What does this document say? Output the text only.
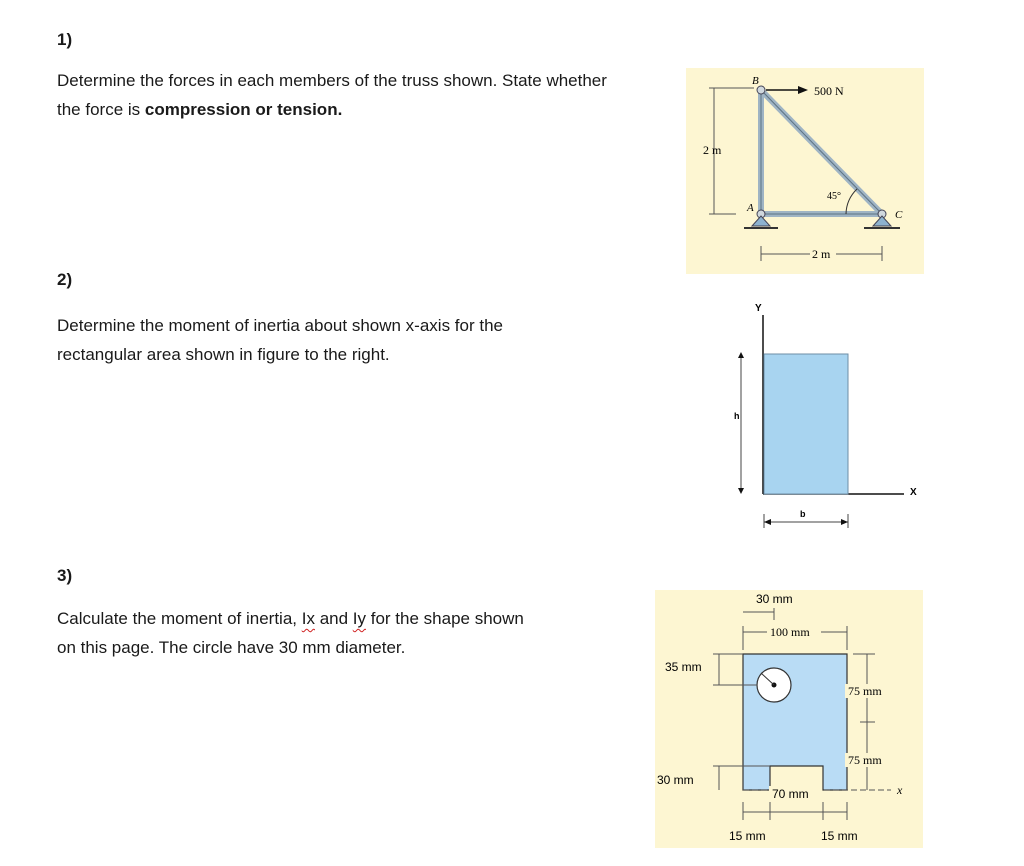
1)
Determine the forces in each members of the truss shown. State whether
the force is compression or tension.
2 m
500 N
B
A
C
45°
2 m
2)
Determine the moment of inertia about shown x-axis for the
rectangular area shown in figure to the right.
Y
X
h
b
3)
Calculate the moment of inertia, Ix and Iy for the shape shown
on this page. The circle have 30 mm diameter.
30 mm
100 mm
35 mm
75 mm
75 mm
x
30 mm
70 mm
15 mm	15 mm
